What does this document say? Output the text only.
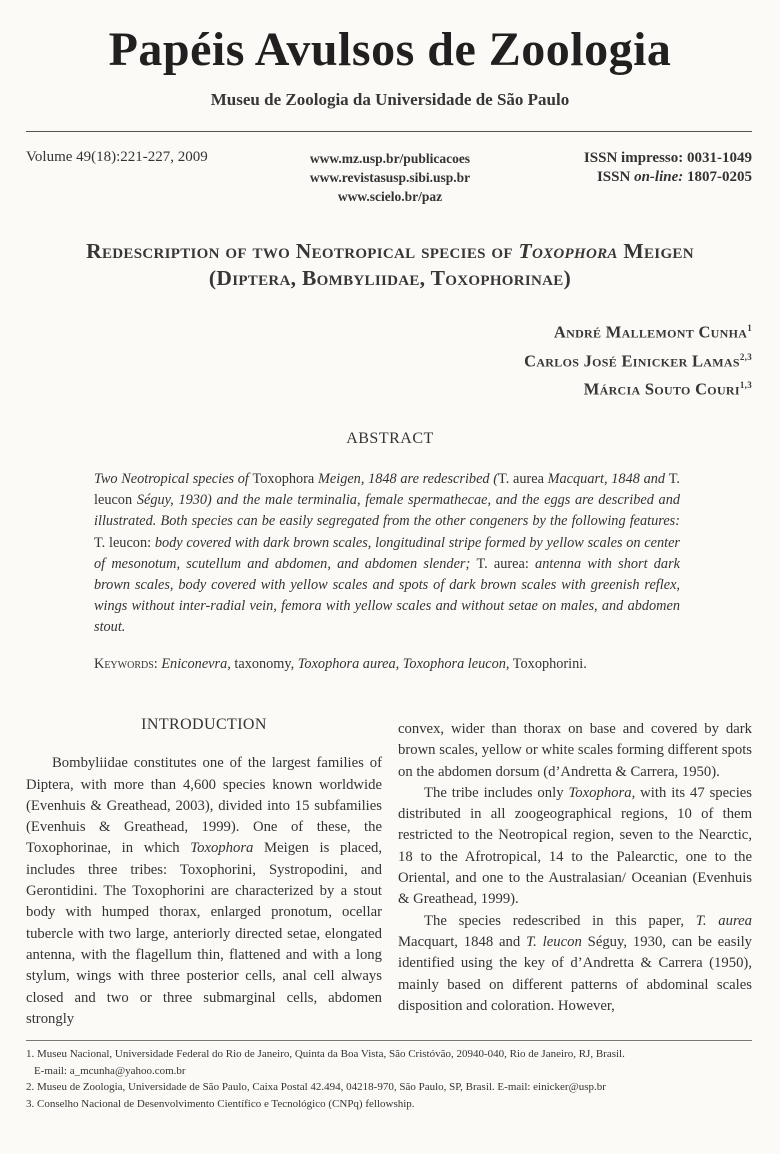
Papéis Avulsos de Zoologia
Museu de Zoologia da Universidade de São Paulo
Volume 49(18):221-227, 2009	www.mz.usp.br/publicacoes
www.revistasusp.sibi.usp.br
www.scielo.br/paz
ISSN impresso: 0031-1049
ISSN on-line: 1807-0205
Redescription of two Neotropical species of Toxophora Meigen
(Diptera, Bombyliidae, Toxophorinae)
André Mallemont Cunha$^1$
Carlos José Einicker Lamas$^{2,3}$
Márcia Souto Couri$^{1,3}$
ABSTRACT
Two Neotropical species of Toxophora Meigen, 1848 are redescribed (T. aurea Macquart, 1848 and T. leucon Séguy, 1930) and the male terminalia, female spermathecae, and the eggs are described and illustrated. Both species can be easily segregated from the other congeners by the following features: T. leucon: body covered with dark brown scales, longitudinal stripe formed by yellow scales on center of mesonotum, scutellum and abdomen, and abdomen slender; T. aurea: antenna with short dark brown scales, body covered with yellow scales and spots of dark brown scales with greenish reflex, wings without inter-radial vein, femora with yellow scales and without setae on males, and abdomen stout.
Keywords: Eniconevra, taxonomy, Toxophora aurea, Toxophora leucon, Toxophorini.

INTRODUCTION

Bombyliidae constitutes one of the largest families of Diptera, with more than 4,600 species known worldwide (Evenhuis & Greathead, 2003), divided into 15 subfamilies (Evenhuis & Greathead, 1999). One of these, the Toxophorinae, in which Toxophora Meigen is placed, includes three tribes: Toxophorini, Systropodini, and Gerontidini. The Toxophorini are characterized by a stout body with humped thorax, enlarged pronotum, ocellar tubercle with two large, anteriorly directed setae, elongated antenna, with the flagellum thin, flattened and with a long stylum, wings with three posterior cells, anal cell always closed and two or three submarginal cells, abdomen strongly

convex, wider than thorax on base and covered by dark brown scales, yellow or white scales forming different spots on the abdomen dorsum (d’Andretta & Carrera, 1950).

The tribe includes only Toxophora, with its 47 species distributed in all zoogeographical regions, 10 of them restricted to the Neotropical region, seven to the Nearctic, 18 to the Afrotropical, 14 to the Palearctic, one to the Oriental, and one to the Australasian/ Oceanian (Evenhuis & Greathead, 1999).

The species redescribed in this paper, T. aurea Macquart, 1848 and T. leucon Séguy, 1930, can be easily identified using the key of d’Andretta & Carrera (1950), mainly based on different patterns of abdominal scales disposition and coloration. However,

1. Museu Nacional, Universidade Federal do Rio de Janeiro, Quinta da Boa Vista, São Cristóvão, 20940-040, Rio de Janeiro, RJ, Brasil.

E-mail: a_mcunha@yahoo.com.br

2. Museu de Zoologia, Universidade de São Paulo, Caixa Postal 42.494, 04218-970, São Paulo, SP, Brasil. E-mail: einicker@usp.br

3. Conselho Nacional de Desenvolvimento Científico e Tecnológico (CNPq) fellowship.
